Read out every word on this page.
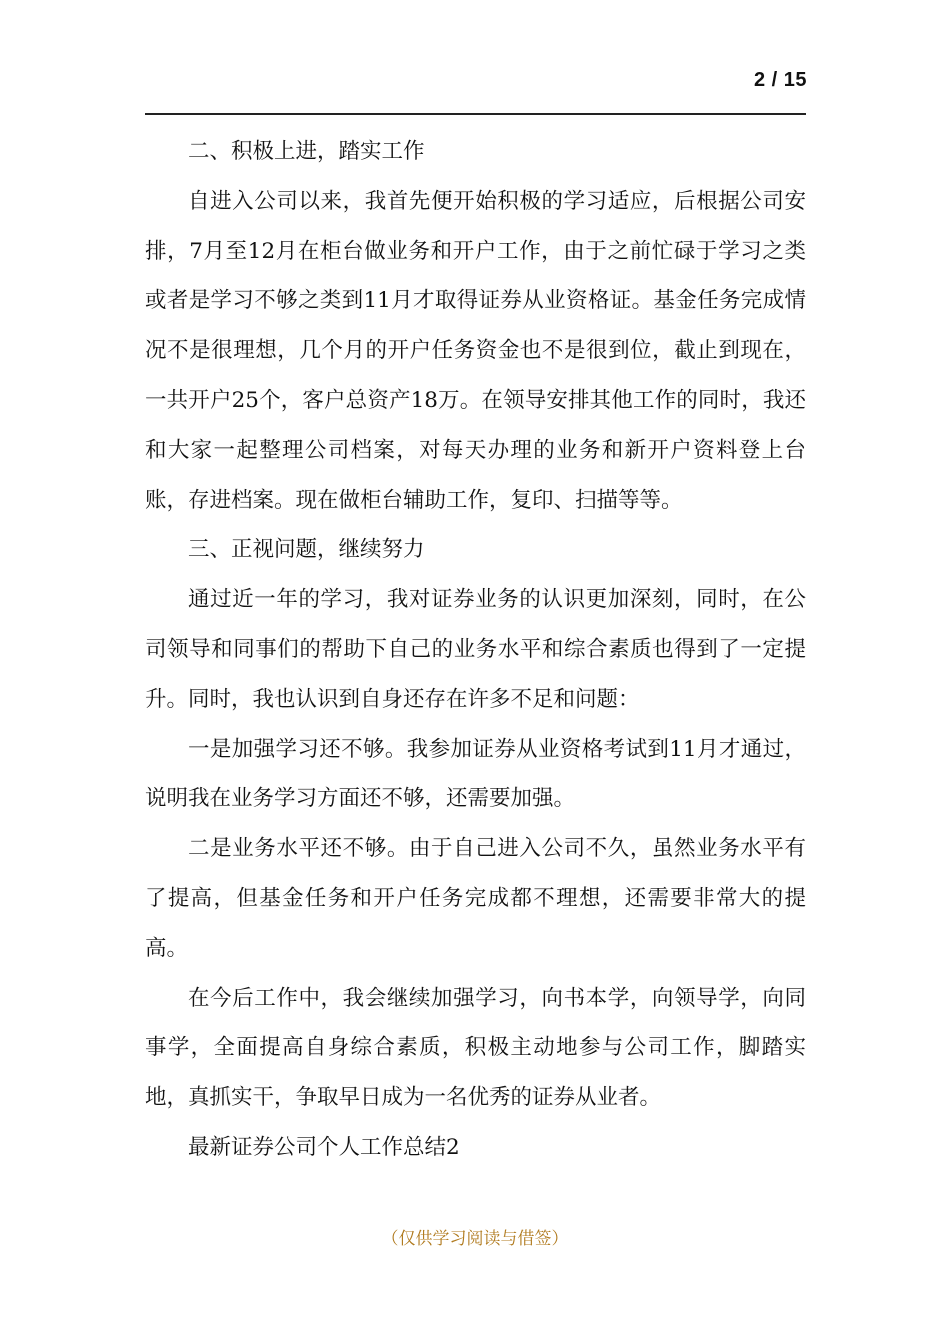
2 / 15

二、积极上进，踏实工作

自进入公司以来，我首先便开始积极的学习适应，后根据公司安排，7月至12月在柜台做业务和开户工作，由于之前忙碌于学习之类或者是学习不够之类到11月才取得证券从业资格证。基金任务完成情况不是很理想，几个月的开户任务资金也不是很到位，截止到现在，一共开户25个，客户总资产18万。在领导安排其他工作的同时，我还和大家一起整理公司档案，对每天办理的业务和新开户资料登上台账，存进档案。现在做柜台辅助工作，复印、扫描等等。

三、正视问题，继续努力

通过近一年的学习，我对证券业务的认识更加深刻，同时，在公司领导和同事们的帮助下自己的业务水平和综合素质也得到了一定提升。同时，我也认识到自身还存在许多不足和问题：

一是加强学习还不够。我参加证券从业资格考试到11月才通过，说明我在业务学习方面还不够，还需要加强。

二是业务水平还不够。由于自己进入公司不久，虽然业务水平有了提高，但基金任务和开户任务完成都不理想，还需要非常大的提高。

在今后工作中，我会继续加强学习，向书本学，向领导学，向同事学，全面提高自身综合素质，积极主动地参与公司工作，脚踏实地，真抓实干，争取早日成为一名优秀的证券从业者。

最新证券公司个人工作总结2

（仅供学习阅读与借签）
